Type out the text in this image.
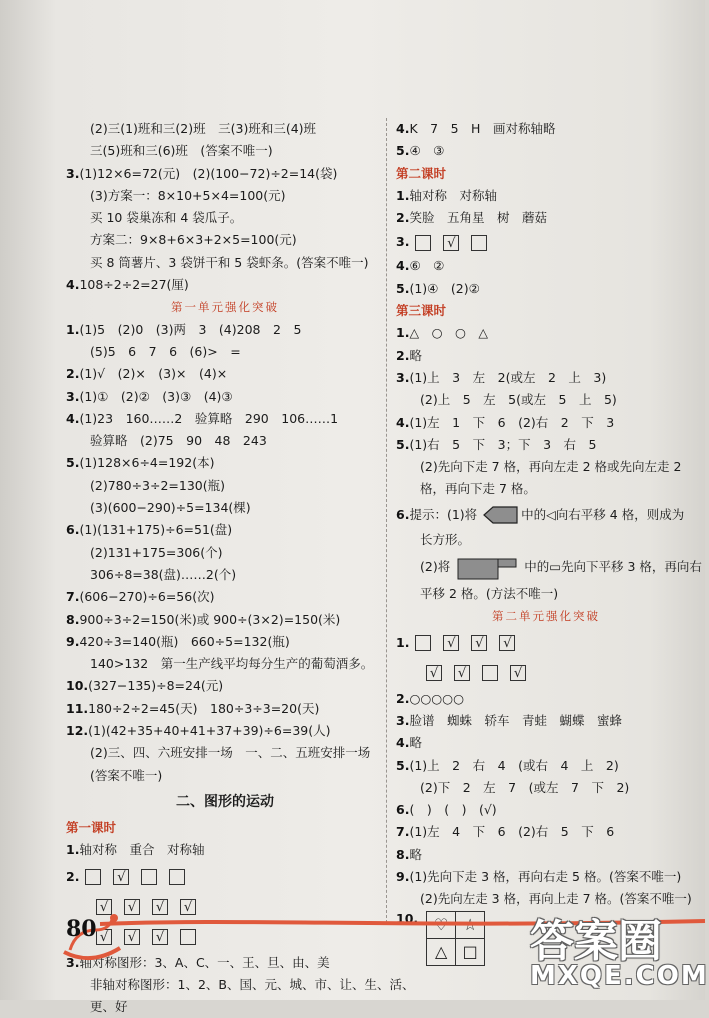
(2)三(1)班和三(2)班　三(3)班和三(4)班
三(5)班和三(6)班　(答案不唯一)
3.(1)12×6=72(元)　(2)(100−72)÷2=14(袋)
(3)方案一：8×10+5×4=100(元)
买 10 袋巢冻和 4 袋瓜子。
方案二：9×8+6×3+2×5=100(元)
买 8 筒薯片、3 袋饼干和 5 袋虾条。(答案不唯一)
4.108÷2÷2=27(厘)
第一单元强化突破
1.(1)5　(2)0　(3)两　3　(4)208　2　5
(5)5　6　7　6　(6)>　=
2.(1)√　(2)×　(3)×　(4)×
3.(1)①　(2)②　(3)③　(4)③
4.(1)23　160……2　验算略　290　106……1
验算略　(2)75　90　48　243
5.(1)128×6÷4=192(本)
(2)780÷3÷2=130(瓶)
(3)(600−290)÷5=134(棵)
6.(1)(131+175)÷6=51(盘)
(2)131+175=306(个)
306÷8=38(盘)……2(个)
7.(606−270)÷6=56(次)
8.900÷3÷2=150(米)或 900÷(3×2)=150(米)
9.420÷3=140(瓶)　660÷5=132(瓶)
140>132　第一生产线平均每分生产的葡萄酒多。
10.(327−135)÷8=24(元)
11.180÷2÷2=45(天)　180÷3÷3=20(天)
12.(1)(42+35+40+41+37+39)÷6=39(人)
(2)三、四、六班安排一场　一、二、五班安排一场
(答案不唯一)
二、图形的运动
第一课时
1.轴对称　重合　对称轴
2.	√
√ √ √ √
√ √ √
3.轴对称图形：3、A、C、一、王、旦、由、美
非轴对称图形：1、2、B、国、元、城、市、让、生、活、
更、好
4.K　7　5　H　画对称轴略
5.④　③
第二课时
1.轴对称　对称轴
2.笑脸　五角星　树　蘑菇
3.	√
4.⑥　②
5.(1)④　(2)②
第三课时
1.△　○　○　△
2.略
3.(1)上　3　左　2(或左　2　上　3)
(2)上　5　左　5(或左　5　上　5)
4.(1)左　1　下　6　(2)右　2　下　3
5.(1)右　5　下　3；下　3　右　5
(2)先向下走 7 格，再向左走 2 格或先向左走 2
格，再向下走 7 格。
6.提示：(1)将	中的◁向右平移 4 格，则成为
长方形。
(2)将	中的▭先向下平移 3 格，再向右
平移 2 格。(方法不唯一)
第二单元强化突破
1.	√ √ √
√ √	√
2.○○○○○
3.脸谱　蜘蛛　轿车　青蛙　蝴蝶　蜜蜂
4.略
5.(1)上　2　右　4　(或右　4　上　2)
(2)下　2　左　7　(或左　7　下　2)
6.(　)　(　)　(√)
7.(1)左　4　下　6　(2)右　5　下　6
8.略
9.(1)先向下走 3 格，再向右走 5 格。(答案不唯一)
(2)先向左走 3 格，再向上走 7 格。(答案不唯一)
10. ♡	☆
△	□
80	答案圈
MXQE.COM
